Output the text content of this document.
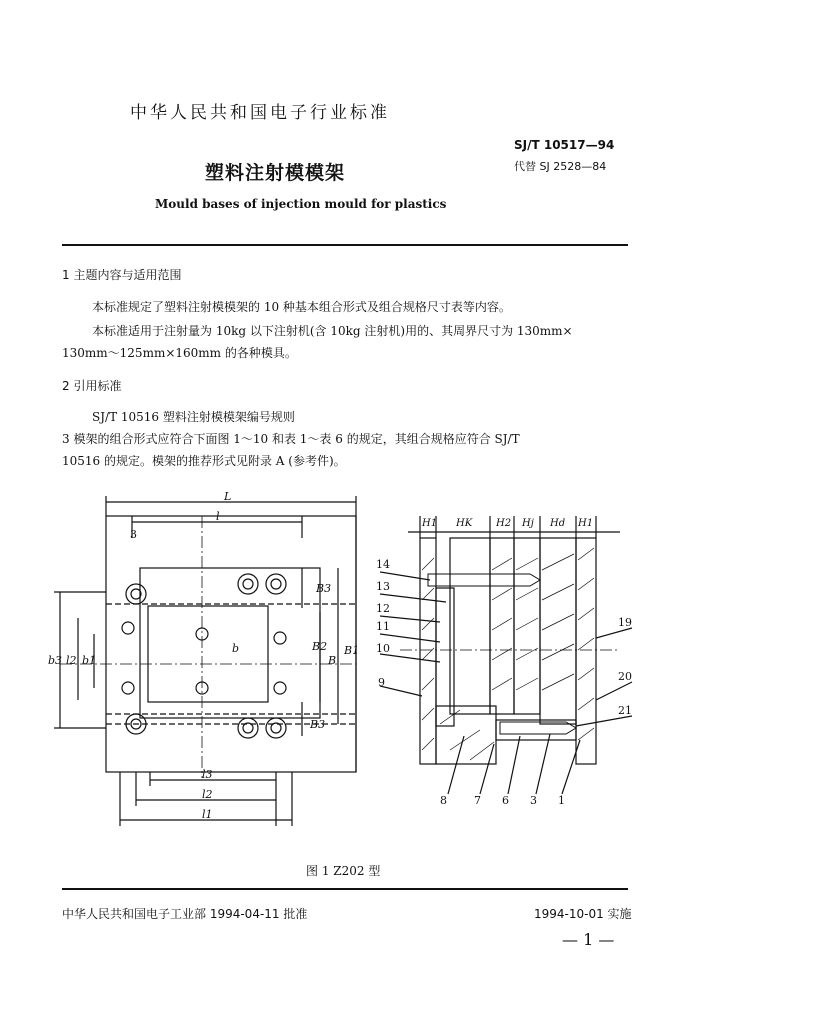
中华人民共和国电子行业标准
SJ/T 10517—94
代替 SJ 2528—84
塑料注射模模架
Mould bases of injection mould for plastics
1 主题内容与适用范围
本标准规定了塑料注射模模架的 10 种基本组合形式及组合规格尺寸表等内容。
本标准适用于注射量为 10kg 以下注射机(含 10kg 注射机)用的、其周界尺寸为 130mm×
130mm～125mm×160mm 的各种模具。
2 引用标准
SJ/T 10516 塑料注射模模架编号规则
3 模架的组合形式应符合下面图 1～10 和表 1～表 6 的规定，其组合规格应符合 SJ/T
10516 的规定。模架的推荐形式见附录 A (参考件)。
L
l
3
B3
B2
B
B1
b
B3
b3 l2 b1
l3
l2
l1
H1 HK H2 Hj Hd H1
14
13
12
11
10
9
19
20
21
8 7 6 3 1
图 1 Z202 型
中华人民共和国电子工业部 1994-04-11 批准	1994-10-01 实施
— 1 —
